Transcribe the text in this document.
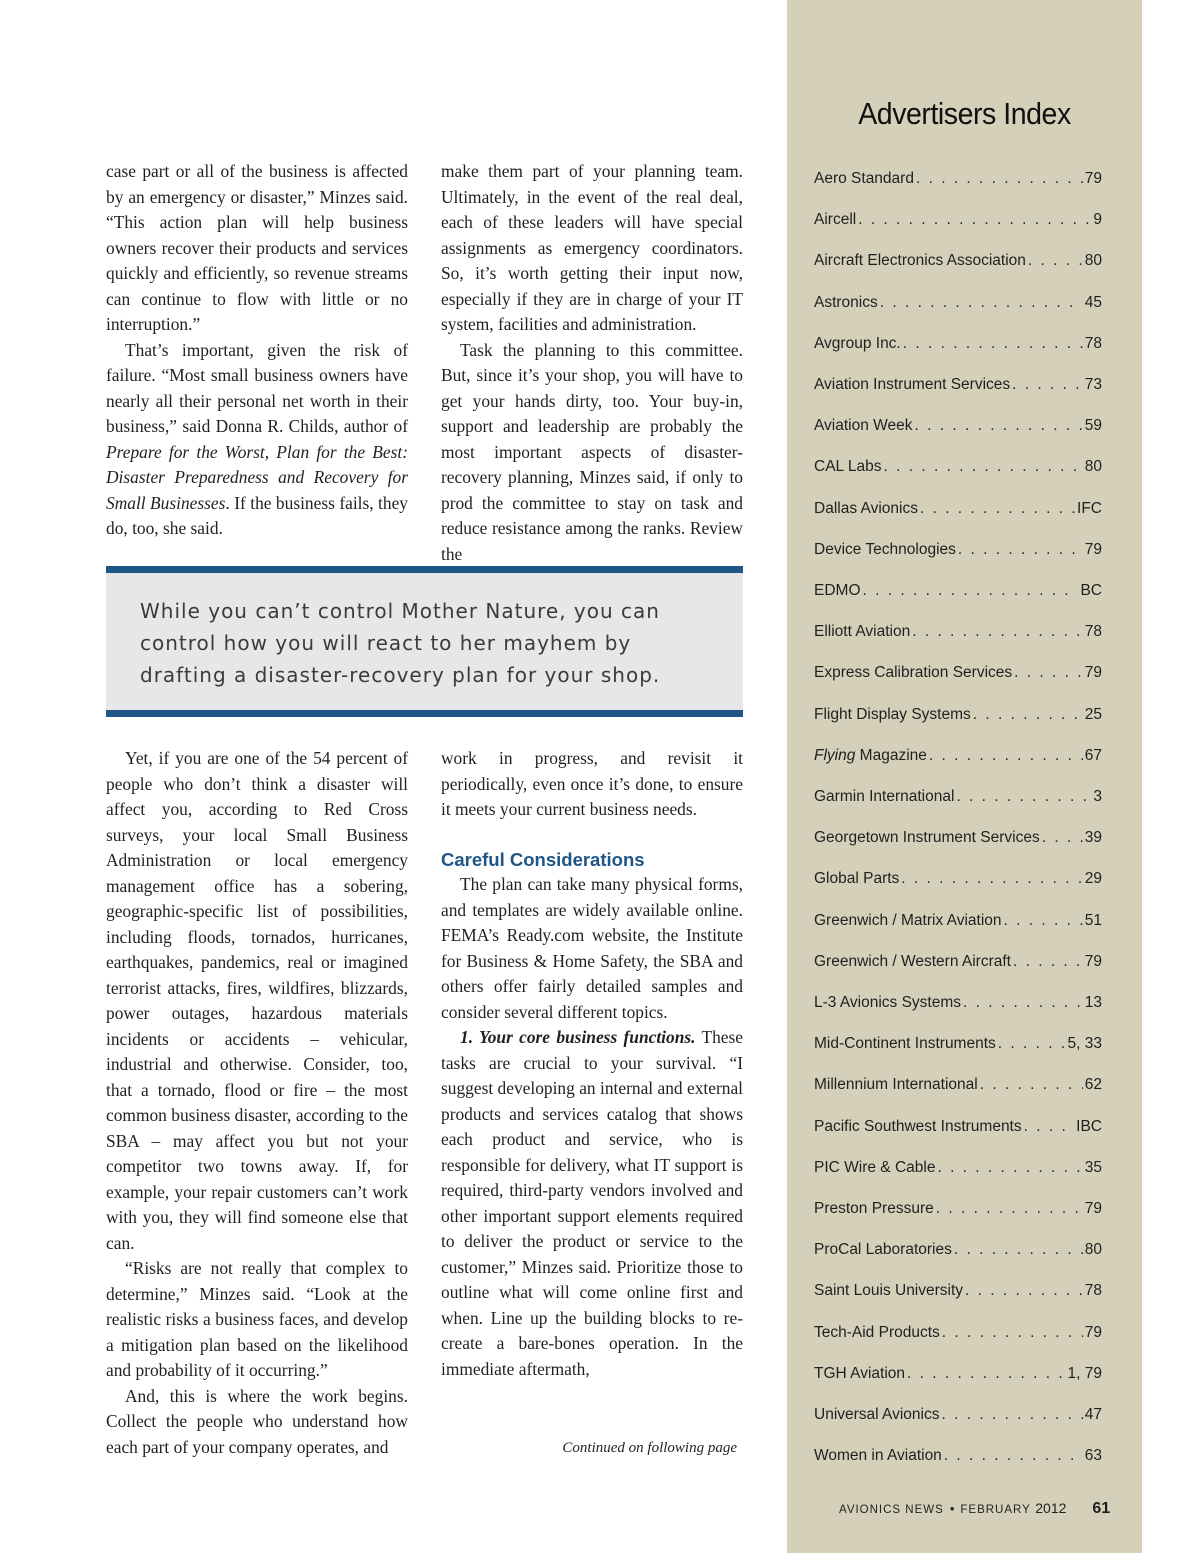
case part or all of the business is affected by an emergency or disaster,” Minzes said. “This action plan will help business owners recover their products and services quickly and efficiently, so revenue streams can continue to flow with little or no interruption.”

That’s important, given the risk of failure. “Most small business owners have nearly all their personal net worth in their business,” said Donna R. Childs, author of Prepare for the Worst, Plan for the Best: Disaster Preparedness and Recovery for Small Businesses. If the business fails, they do, too, she said.

make them part of your planning team. Ultimately, in the event of the real deal, each of these leaders will have special assignments as emergency coordinators. So, it’s worth getting their input now, especially if they are in charge of your IT system, facilities and administration.

Task the planning to this committee. But, since it’s your shop, you will have to get your hands dirty, too. Your buy-in, support and leadership are probably the most important aspects of disaster-recovery planning, Minzes said, if only to prod the committee to stay on task and reduce resistance among the ranks. Review the

While you can’t control Mother Nature, you can control how you will react to her mayhem by drafting a disaster-recovery plan for your shop.

Yet, if you are one of the 54 percent of people who don’t think a disaster will affect you, according to Red Cross surveys, your local Small Business Administration or local emergency management office has a sobering, geographic-specific list of possibilities, including floods, tornados, hurricanes, earthquakes, pandemics, real or imagined terrorist attacks, fires, wildfires, blizzards, power outages, hazardous materials incidents or accidents – vehicular, industrial and otherwise. Consider, too, that a tornado, flood or fire – the most common business disaster, according to the SBA – may affect you but not your competitor two towns away. If, for example, your repair customers can’t work with you, they will find someone else that can.

“Risks are not really that complex to determine,” Minzes said. “Look at the realistic risks a business faces, and develop a mitigation plan based on the likelihood and probability of it occurring.”

And, this is where the work begins. Collect the people who understand how each part of your company operates, and

work in progress, and revisit it periodically, even once it’s done, to ensure it meets your current business needs.

Careful Considerations

The plan can take many physical forms, and templates are widely available online. FEMA’s Ready.com website, the Institute for Business & Home Safety, the SBA and others offer fairly detailed samples and consider several different topics.

1. Your core business functions. These tasks are crucial to your survival. “I suggest developing an internal and external products and services catalog that shows each product and service, who is responsible for delivery, what IT support is required, third-party vendors involved and other important support elements required to deliver the product or service to the customer,” Minzes said. Prioritize those to outline what will come online first and when. Line up the building blocks to re-create a bare-bones operation. In the immediate aftermath,

Continued on following page
Advertisers Index
Aero Standard . . .	79
Aircell . . .	9
Aircraft Electronics Association . . .	80
Astronics . . .	45
Avgroup Inc. . . .	78
Aviation Instrument Services . . .	73
Aviation Week . . .	59
CAL Labs . . .	80
Dallas Avionics . . .	IFC
Device Technologies . . .	79
EDMO . . .	BC
Elliott Aviation . . .	78
Express Calibration Services . . .	79
Flight Display Systems . . .	25
Flying Magazine . . .	67
Garmin International . . .	3
Georgetown Instrument Services . . .	39
Global Parts . . .	29
Greenwich / Matrix Aviation . . .	51
Greenwich / Western Aircraft . . .	79
L-3 Avionics Systems . . .	13
Mid-Continent Instruments . . .	5, 33
Millennium International . . .	62
Pacific Southwest Instruments . . .	IBC
PIC Wire & Cable . . .	35
Preston Pressure . . .	79
ProCal Laboratories . . .	80
Saint Louis University . . .	78
Tech-Aid Products . . .	79
TGH Aviation . . .	1, 79
Universal Avionics . . .	47
Women in Aviation . . .	63
AVIONICS NEWS • FEBRUARY 2012 61
